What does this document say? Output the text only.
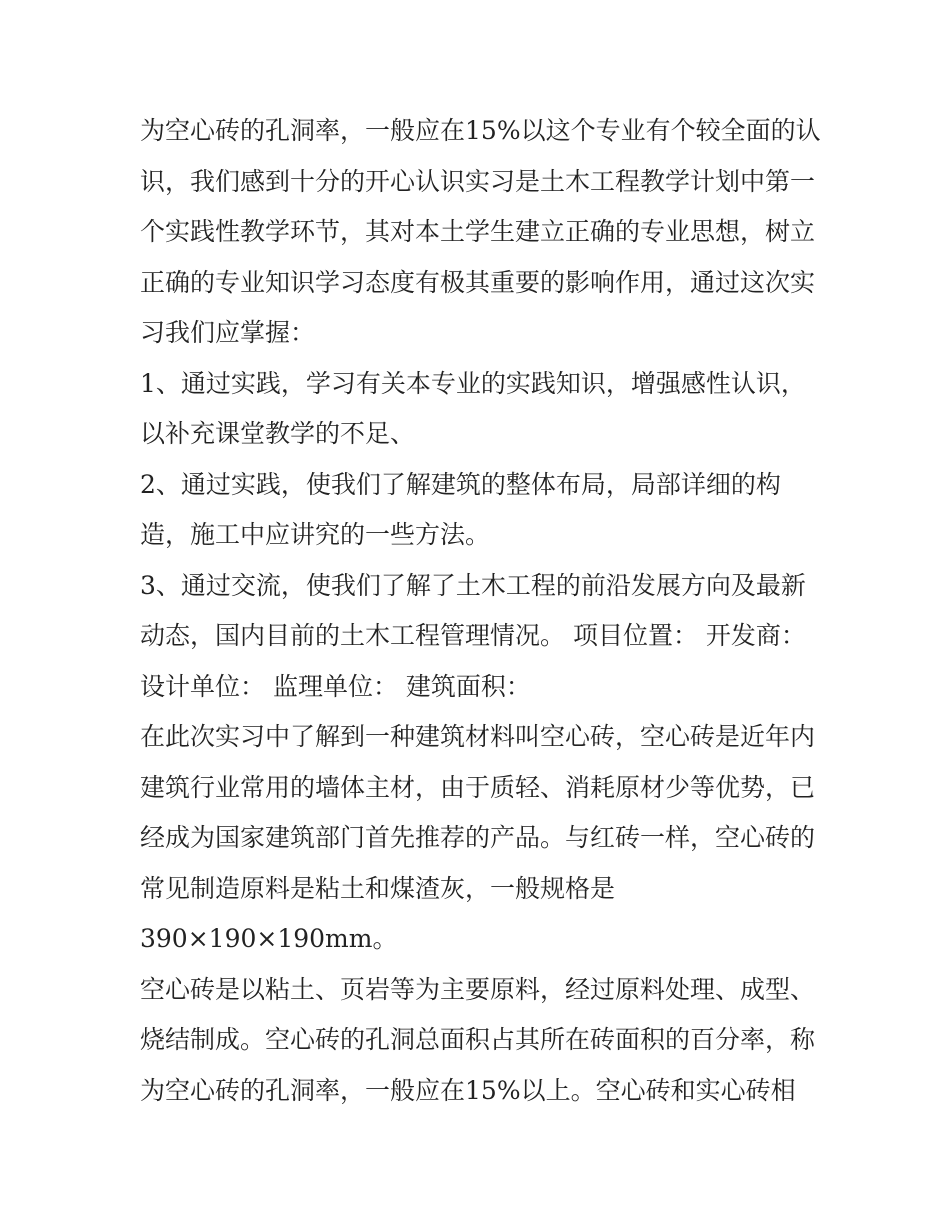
为空心砖的孔洞率，一般应在15%以这个专业有个较全面的认
识，我们感到十分的开心认识实习是土木工程教学计划中第一
个实践性教学环节，其对本土学生建立正确的专业思想，树立
正确的专业知识学习态度有极其重要的影响作用，通过这次实
习我们应掌握：
1、通过实践，学习有关本专业的实践知识，增强感性认识，
以补充课堂教学的不足、
2、通过实践，使我们了解建筑的整体布局，局部详细的构
造，施工中应讲究的一些方法。
3、通过交流，使我们了解了土木工程的前沿发展方向及最新
动态，国内目前的土木工程管理情况。 项目位置： 开发商：
设计单位： 监理单位： 建筑面积：
在此次实习中了解到一种建筑材料叫空心砖，空心砖是近年内
建筑行业常用的墙体主材，由于质轻、消耗原材少等优势，已
经成为国家建筑部门首先推荐的产品。与红砖一样，空心砖的
常见制造原料是粘土和煤渣灰，一般规格是
390×190×190mm。
空心砖是以粘土、页岩等为主要原料，经过原料处理、成型、
烧结制成。空心砖的孔洞总面积占其所在砖面积的百分率，称
为空心砖的孔洞率，一般应在15%以上。空心砖和实心砖相
